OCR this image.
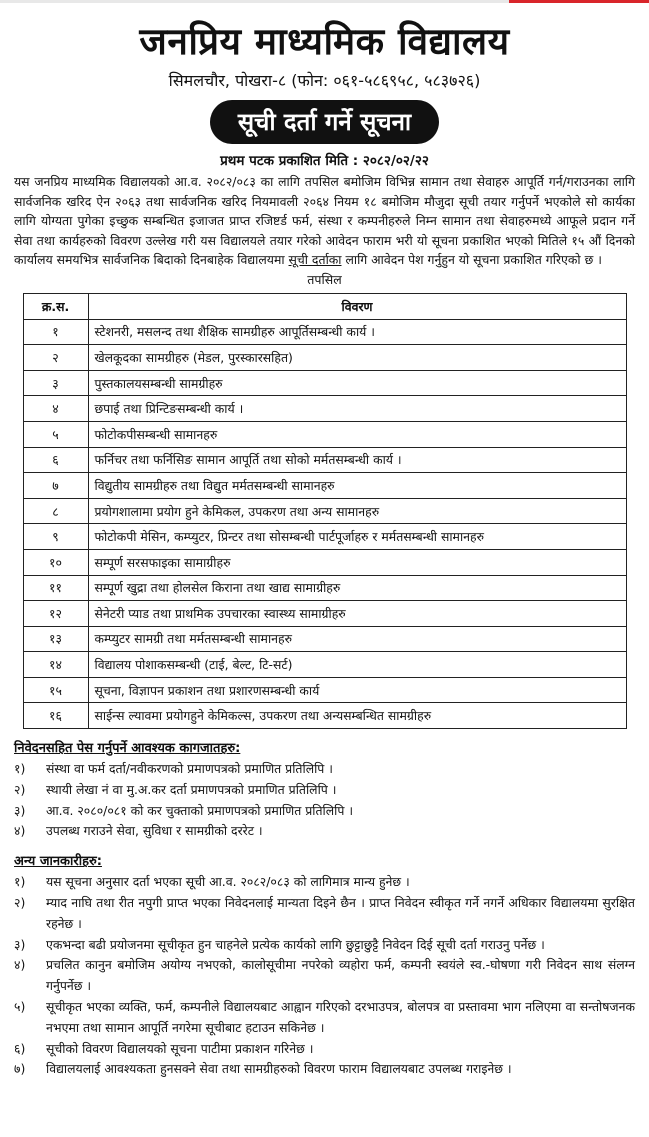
जनप्रिय माध्यमिक विद्यालय
सिमलचौर, पोखरा-८ (फोन: ०६१-५८६९५८, ५८३७२६)
सूची दर्ता गर्ने सूचना
प्रथम पटक प्रकाशित मिति : २०८२/०२/२२
यस जनप्रिय माध्यमिक विद्यालयको आ.व. २०८२/०८३ का लागि तपसिल बमोजिम विभिन्न सामान तथा सेवाहरु आपूर्ति गर्न/गराउनका लागि सार्वजनिक खरिद ऐन २०६३ तथा सार्वजनिक खरिद नियमावली २०६४ नियम १८ बमोजिम मौजुदा सूची तयार गर्नुपर्ने भएकोले सो कार्यका लागि योग्यता पुगेका इच्छुक सम्बन्धित इजाजत प्राप्त रजिष्टर्ड फर्म, संस्था र कम्पनीहरुले निम्न सामान तथा सेवाहरुमध्ये आफूले प्रदान गर्ने सेवा तथा कार्यहरुको विवरण उल्लेख गरी यस विद्यालयले तयार गरेको आवेदन फाराम भरी यो सूचना प्रकाशित भएको मितिले १५ औं दिनको कार्यालय समयभित्र सार्वजनिक बिदाको दिनबाहेक विद्यालयमा सूची दर्ताका लागि आवेदन पेश गर्नुहुन यो सूचना प्रकाशित गरिएको छ ।
तपसिल
क्र.स.	विवरण
१	स्टेशनरी, मसलन्द तथा शैक्षिक सामग्रीहरु आपूर्तिसम्बन्धी कार्य ।
२	खेलकूदका सामग्रीहरु (मेडल, पुरस्कारसहित)
३	पुस्तकालयसम्बन्धी सामग्रीहरु
४	छपाई तथा प्रिन्टिङसम्बन्धी कार्य ।
५	फोटोकपीसम्बन्धी सामानहरु
६	फर्निचर तथा फर्निसिङ सामान आपूर्ति तथा सोको मर्मतसम्बन्धी कार्य ।
७	विद्युतीय सामग्रीहरु तथा विद्युत मर्मतसम्बन्धी सामानहरु
८	प्रयोगशालामा प्रयोग हुने केमिकल, उपकरण तथा अन्य सामानहरु
९	फोटोकपी मेसिन, कम्प्युटर, प्रिन्टर तथा सोसम्बन्धी पार्टपूर्जाहरु र मर्मतसम्बन्धी सामानहरु
१०	सम्पूर्ण सरसफाइका सामाग्रीहरु
११	सम्पूर्ण खुद्रा तथा होलसेल किराना तथा खाद्य सामाग्रीहरु
१२	सेनेटरी प्याड तथा प्राथमिक उपचारका स्वास्थ्य सामाग्रीहरु
१३	कम्प्युटर सामग्री तथा मर्मतसम्बन्धी सामानहरु
१४	विद्यालय पोशाकसम्बन्धी (टाई, बेल्ट, टि-सर्ट)
१५	सूचना, विज्ञापन प्रकाशन तथा प्रशारणसम्बन्धी कार्य
१६	साईन्स ल्यावमा प्रयोगहुने केमिकल्स, उपकरण तथा अन्यसम्बन्धित सामग्रीहरु
निवेदनसहित पेस गर्नुपर्ने आवश्यक कागजातहरु:
१)	संस्था वा फर्म दर्ता/नवीकरणको प्रमाणपत्रको प्रमाणित प्रतिलिपि ।
२)	स्थायी लेखा नं वा मु.अ.कर दर्ता प्रमाणपत्रको प्रमाणित प्रतिलिपि ।
३)	आ.व. २०८०/०८१ को कर चुक्ताको प्रमाणपत्रको प्रमाणित प्रतिलिपि ।
४)	उपलब्ध गराउने सेवा, सुविधा र सामग्रीको दररेट ।
अन्य जानकारीहरु:
१)	यस सूचना अनुसार दर्ता भएका सूची आ.व. २०८२/०८३ को लागिमात्र मान्य हुनेछ ।
२)	म्याद नाघि तथा रीत नपुगी प्राप्त भएका निवेदनलाई मान्यता दिइने छैन । प्राप्त निवेदन स्वीकृत गर्ने नगर्ने अधिकार विद्यालयमा सुरक्षित रहनेछ ।
३)	एकभन्दा बढी प्रयोजनमा सूचीकृत हुन चाहनेले प्रत्येक कार्यको लागि छुट्टाछुट्टै निवेदन दिई सूची दर्ता गराउनु पर्नेछ ।
४)	प्रचलित कानुन बमोजिम अयोग्य नभएको, कालोसूचीमा नपरेको व्यहोरा फर्म, कम्पनी स्वयंले स्व.-घोषणा गरी निवेदन साथ संलग्न गर्नुपर्नेछ ।
५)	सूचीकृत भएका व्यक्ति, फर्म, कम्पनीले विद्यालयबाट आह्वान गरिएको दरभाउपत्र, बोलपत्र वा प्रस्तावमा भाग नलिएमा वा सन्तोषजनक नभएमा तथा सामान आपूर्ति नगरेमा सूचीबाट हटाउन सकिनेछ ।
६)	सूचीको विवरण विद्यालयको सूचना पाटीमा प्रकाशन गरिनेछ ।
७)	विद्यालयलाई आवश्यकता हुनसक्ने सेवा तथा सामग्रीहरुको विवरण फाराम विद्यालयबाट उपलब्ध गराइनेछ ।
